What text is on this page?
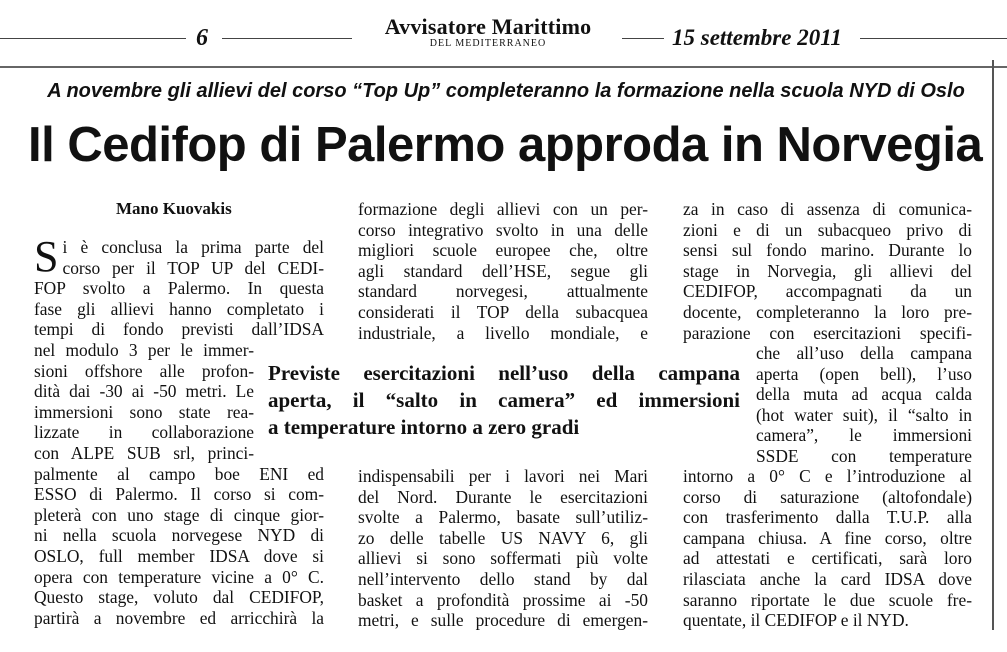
6	Avvisatore Marittimo
DEL MEDITERRANEO	15 settembre 2011
A novembre gli allievi del corso “Top Up” completeranno la formazione nella scuola NYD di Oslo
Il Cedifop di Palermo approda in Norvegia
Mano Kuovakis
S i è conclusa la prima parte del
corso per il TOP UP del CEDI-
FOP svolto a Palermo. In questa
fase gli allievi hanno completato i
tempi di fondo previsti dall’IDSA
nel modulo 3 per le immer-
sioni offshore alle profon-
dità dai -30 ai -50 metri. Le
immersioni sono state rea-
lizzate in collaborazione
con ALPE SUB srl, princi-
palmente al campo boe ENI ed
ESSO di Palermo. Il corso si com-
pleterà con uno stage di cinque gior-
ni nella scuola norvegese NYD di
OSLO, full member IDSA dove si
opera con temperature vicine a 0° C.
Questo stage, voluto dal CEDIFOP,
partirà a novembre ed arricchirà la
formazione degli allievi con un per-
corso integrativo svolto in una delle
migliori scuole europee che, oltre
agli standard dell’HSE, segue gli
standard norvegesi, attualmente
considerati il TOP della subacquea
industriale, a livello mondiale, e
Previste esercitazioni nell’uso della campana
aperta, il “salto in camera” ed immersioni
a temperature intorno a zero gradi
indispensabili per i lavori nei Mari
del Nord. Durante le esercitazioni
svolte a Palermo, basate sull’utiliz-
zo delle tabelle US NAVY 6, gli
allievi si sono soffermati più volte
nell’intervento dello stand by dal
basket a profondità prossime ai -50
metri, e sulle procedure di emergen-
za in caso di assenza di comunica-
zioni e di un subacqueo privo di
sensi sul fondo marino. Durante lo
stage in Norvegia, gli allievi del
CEDIFOP, accompagnati da un
docente, completeranno la loro pre-
parazione con esercitazioni specifi-
che all’uso della campana
aperta (open bell), l’uso
della muta ad acqua calda
(hot water suit), il “salto in
camera”, le immersioni
SSDE con temperature
intorno a 0° C e l’introduzione al
corso di saturazione (altofondale)
con trasferimento dalla T.U.P. alla
campana chiusa. A fine corso, oltre
ad attestati e certificati, sarà loro
rilasciata anche la card IDSA dove
saranno riportate le due scuole fre-
quentate, il CEDIFOP e il NYD.
